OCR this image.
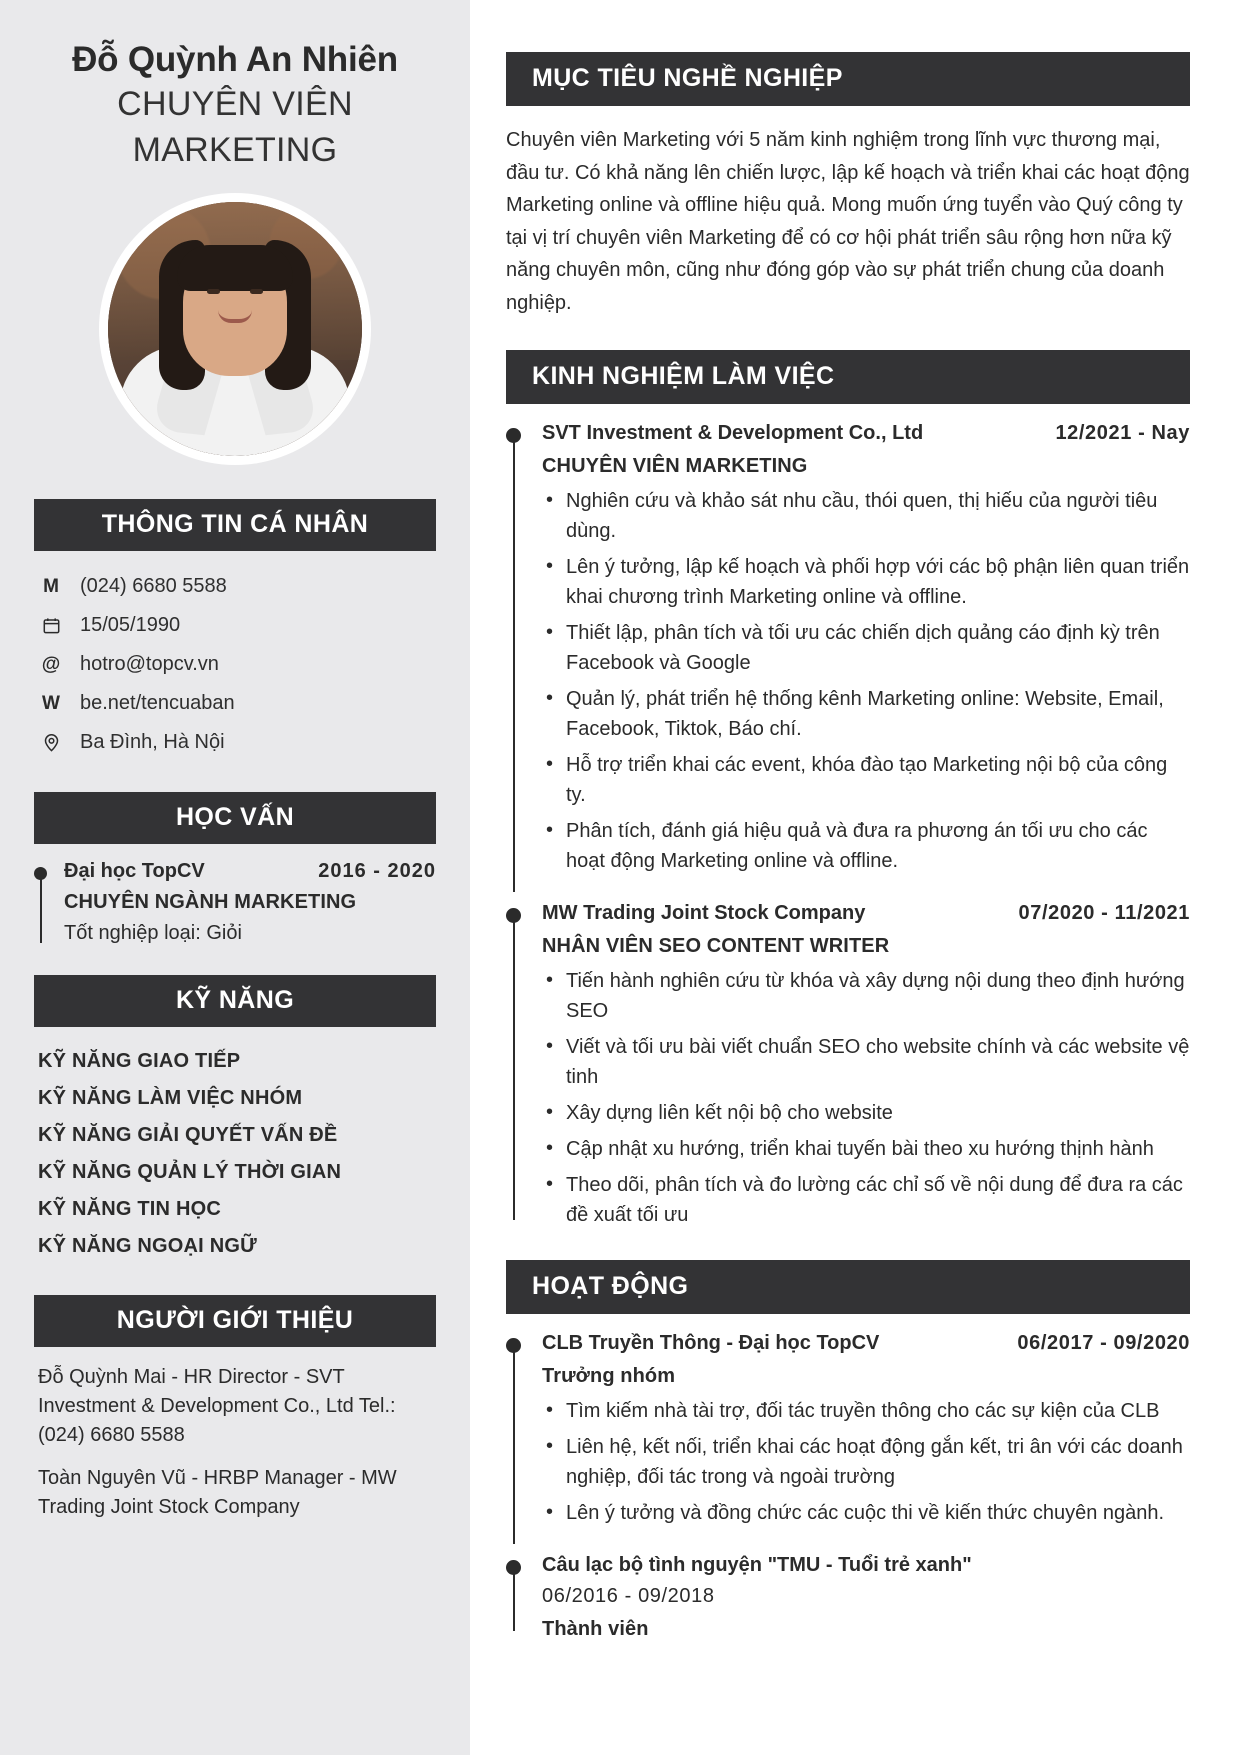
Đỗ Quỳnh An Nhiên
CHUYÊN VIÊN
MARKETING
THÔNG TIN CÁ NHÂN
M (024) 6680 5588
15/05/1990
@ hotro@topcv.vn
W be.net/tencuaban
Ba Đình, Hà Nội
HỌC VẤN
Đại học TopCV	2016 - 2020
CHUYÊN NGÀNH MARKETING
Tốt nghiệp loại: Giỏi
KỸ NĂNG
KỸ NĂNG GIAO TIẾP
KỸ NĂNG LÀM VIỆC NHÓM
KỸ NĂNG GIẢI QUYẾT VẤN ĐỀ
KỸ NĂNG QUẢN LÝ THỜI GIAN
KỸ NĂNG TIN HỌC
KỸ NĂNG NGOẠI NGỮ
NGƯỜI GIỚI THIỆU
Đỗ Quỳnh Mai - HR Director - SVT Investment & Development Co., Ltd Tel.: (024) 6680 5588
Toàn Nguyên Vũ - HRBP Manager - MW Trading Joint Stock Company
MỤC TIÊU NGHỀ NGHIỆP

Chuyên viên Marketing với 5 năm kinh nghiệm trong lĩnh vực thương mại, đầu tư. Có khả năng lên chiến lược, lập kế hoạch và triển khai các hoạt động Marketing online và offline hiệu quả. Mong muốn ứng tuyển vào Quý công ty tại vị trí chuyên viên Marketing để có cơ hội phát triển sâu rộng hơn nữa kỹ năng chuyên môn, cũng như đóng góp vào sự phát triển chung của doanh nghiệp.

KINH NGHIỆM LÀM VIỆC
SVT Investment & Development Co., Ltd	12/2021 - Nay
CHUYÊN VIÊN MARKETING
• Nghiên cứu và khảo sát nhu cầu, thói quen, thị hiếu của người tiêu dùng.
• Lên ý tưởng, lập kế hoạch và phối hợp với các bộ phận liên quan triển khai chương trình Marketing online và offline.
• Thiết lập, phân tích và tối ưu các chiến dịch quảng cáo định kỳ trên Facebook và Google
• Quản lý, phát triển hệ thống kênh Marketing online: Website, Email, Facebook, Tiktok, Báo chí.
• Hỗ trợ triển khai các event, khóa đào tạo Marketing nội bộ của công ty.
• Phân tích, đánh giá hiệu quả và đưa ra phương án tối ưu cho các hoạt động Marketing online và offline.
MW Trading Joint Stock Company	07/2020 - 11/2021
NHÂN VIÊN SEO CONTENT WRITER
• Tiến hành nghiên cứu từ khóa và xây dựng nội dung theo định hướng SEO
• Viết và tối ưu bài viết chuẩn SEO cho website chính và các website vệ tinh
• Xây dựng liên kết nội bộ cho website
• Cập nhật xu hướng, triển khai tuyến bài theo xu hướng thịnh hành
• Theo dõi, phân tích và đo lường các chỉ số về nội dung để đưa ra các đề xuất tối ưu
HOẠT ĐỘNG
CLB Truyền Thông - Đại học TopCV	06/2017 - 09/2020
Trưởng nhóm
• Tìm kiếm nhà tài trợ, đối tác truyền thông cho các sự kiện của CLB
• Liên hệ, kết nối, triển khai các hoạt động gắn kết, tri ân với các doanh nghiệp, đối tác trong và ngoài trường
• Lên ý tưởng và đồng chức các cuộc thi về kiến thức chuyên ngành.
Câu lạc bộ tình nguyện "TMU - Tuổi trẻ xanh"
06/2016 - 09/2018
Thành viên
